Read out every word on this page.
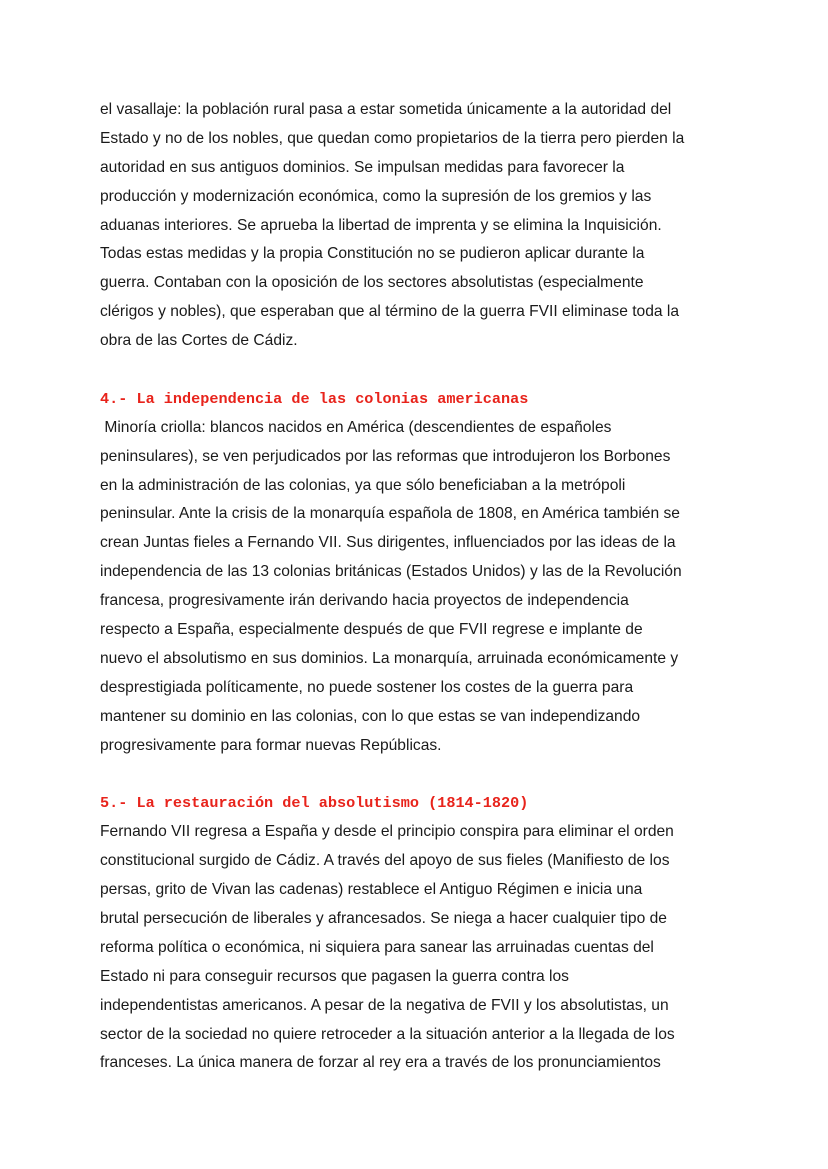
el vasallaje: la población rural pasa a estar sometida únicamente a la autoridad del

Estado y no de los nobles, que quedan como propietarios de la tierra pero pierden la

autoridad en sus antiguos dominios. Se impulsan medidas para favorecer la

producción y modernización económica, como la supresión de los gremios y las

aduanas interiores. Se aprueba la libertad de imprenta y se elimina la Inquisición.

Todas estas medidas y la propia Constitución no se pudieron aplicar durante la

guerra. Contaban con la oposición de los sectores absolutistas (especialmente

clérigos y nobles), que esperaban que al término de la guerra FVII eliminase toda la

obra de las Cortes de Cádiz.

4.- La independencia de las colonias americanas

Minoría criolla: blancos nacidos en América (descendientes de españoles

peninsulares), se ven perjudicados por las reformas que introdujeron los Borbones

en la administración de las colonias, ya que sólo beneficiaban a la metrópoli

peninsular. Ante la crisis de la monarquía española de 1808, en América también se

crean Juntas fieles a Fernando VII. Sus dirigentes, influenciados por las ideas de la

independencia de las 13 colonias británicas (Estados Unidos) y las de la Revolución

francesa, progresivamente irán derivando hacia proyectos de independencia

respecto a España, especialmente después de que FVII regrese e implante de

nuevo el absolutismo en sus dominios. La monarquía, arruinada económicamente y

desprestigiada políticamente, no puede sostener los costes de la guerra para

mantener su dominio en las colonias, con lo que estas se van independizando

progresivamente para formar nuevas Repúblicas.

5.- La restauración del absolutismo (1814-1820)

Fernando VII regresa a España y desde el principio conspira para eliminar el orden

constitucional surgido de Cádiz. A través del apoyo de sus fieles (Manifiesto de los

persas, grito de Vivan las cadenas) restablece el Antiguo Régimen e inicia una

brutal persecución de liberales y afrancesados. Se niega a hacer cualquier tipo de

reforma política o económica, ni siquiera para sanear las arruinadas cuentas del

Estado ni para conseguir recursos que pagasen la guerra contra los

independentistas americanos. A pesar de la negativa de FVII y los absolutistas, un

sector de la sociedad no quiere retroceder a la situación anterior a la llegada de los

franceses. La única manera de forzar al rey era a través de los pronunciamientos
